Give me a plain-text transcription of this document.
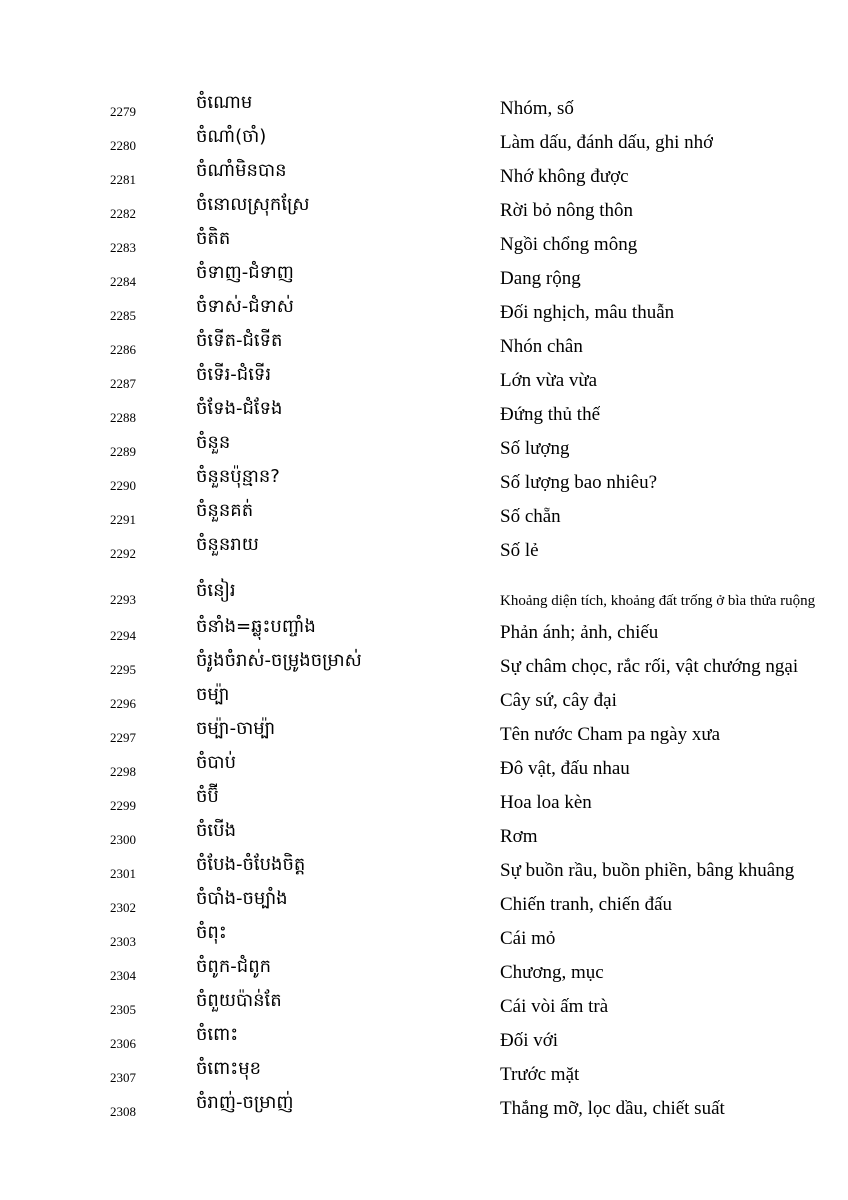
2279	ចំណោម	Nhóm, số
2280	ចំណាំ(ចាំ)	Làm dấu, đánh dấu, ghi nhớ
2281	ចំណាំមិនបាន	Nhớ không được
2282	ចំនោលស្រុកស្រែ	Rời bỏ nông thôn
2283	ចំតិត	Ngồi chổng mông
2284	ចំទាញ-ជំទាញ	Dang rộng
2285	ចំទាស់-ជំទាស់	Đối nghịch, mâu thuẫn
2286	ចំទើត-ជំទើត	Nhón chân
2287	ចំទើរ-ជំទើរ	Lớn vừa vừa
2288	ចំទែង-ជំទែង	Đứng thủ thế
2289	ចំនួន	Số lượng
2290	ចំនួនប៉ុន្មាន?	Số lượng bao nhiêu?
2291	ចំនួនគត់	Số chẵn
2292	ចំនួនរាយ	Số lẻ
2293	ចំនៀរ	Khoảng diện tích, khoảng đất trống ở bìa thửa ruộng
2294	ចំនាំង=ឆ្លុះបញ្ចាំង	Phản ánh; ảnh, chiếu
2295	ចំរូងចំរាស់-ចម្រូងចម្រាស់	Sự châm chọc, rắc rối, vật chướng ngại
2296	ចម្ប៉ា	Cây sứ, cây đại
2297	ចម្ប៉ា-ចាម្ប៉ា	Tên nước Cham pa ngày xưa
2298	ចំបាប់	Đô vật, đấu nhau
2299	ចំប៊ី	Hoa loa kèn
2300	ចំបើង	Rơm
2301	ចំបែង-ចំបែងចិត្ត	Sự buồn rầu, buồn phiền, bâng khuâng
2302	ចំបាំង-ចម្បាំង	Chiến tranh, chiến đấu
2303	ចំពុះ	Cái mỏ
2304	ចំពូក-ជំពូក	Chương, mục
2305	ចំពួយប៉ាន់តែ	Cái vòi ấm trà
2306	ចំពោះ	Đối với
2307	ចំពោះមុខ	Trước mặt
2308	ចំរាញ់-ចម្រាញ់	Thắng mỡ, lọc dầu, chiết suất
